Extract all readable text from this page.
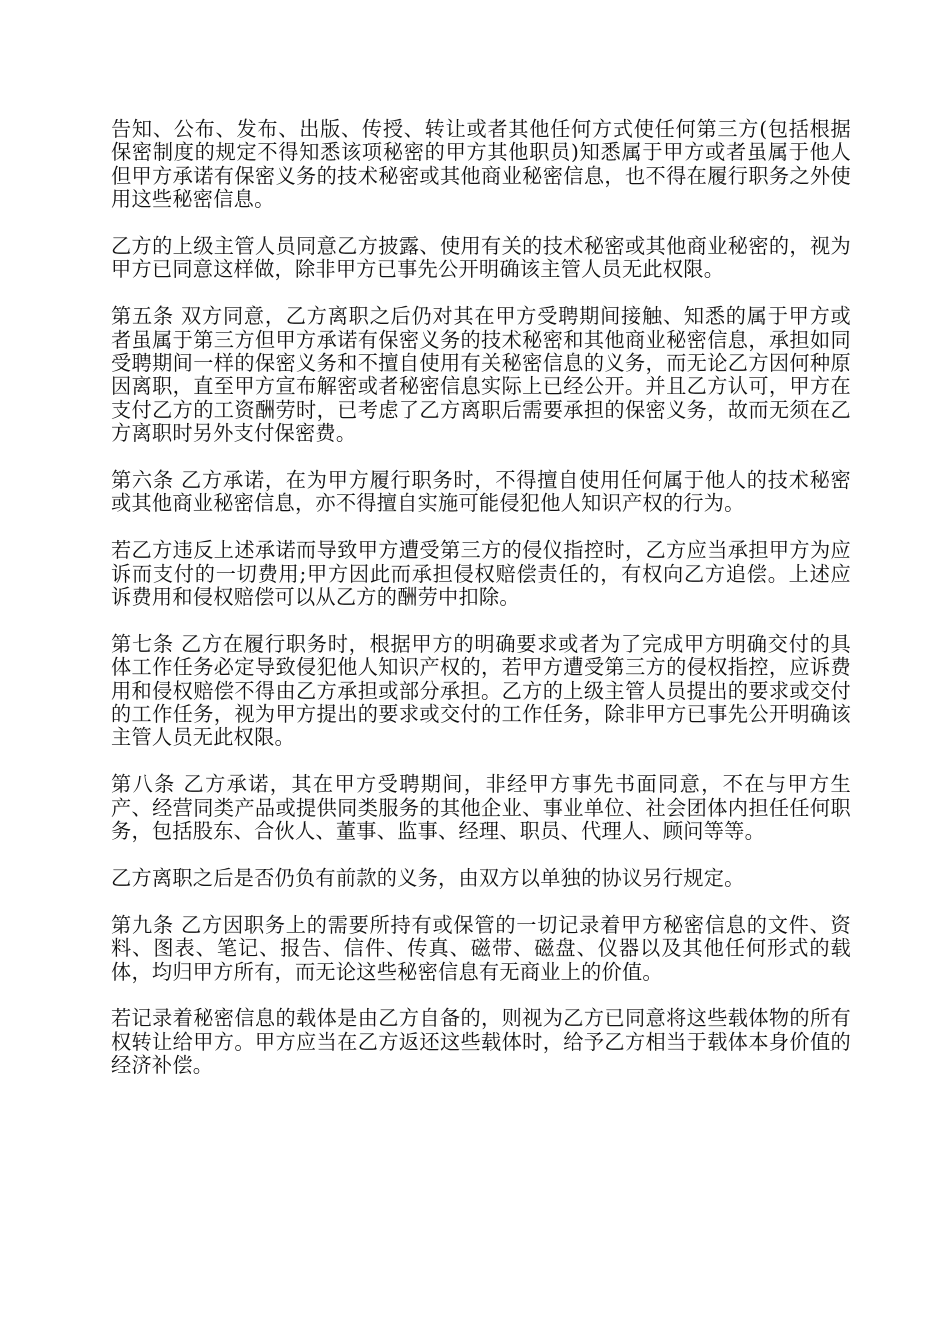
告知、公布、发布、出版、传授、转让或者其他任何方式使任何第三方(包括根据保密制度的规定不得知悉该项秘密的甲方其他职员)知悉属于甲方或者虽属于他人但甲方承诺有保密义务的技术秘密或其他商业秘密信息，也不得在履行职务之外使用这些秘密信息。

乙方的上级主管人员同意乙方披露、使用有关的技术秘密或其他商业秘密的，视为甲方已同意这样做，除非甲方已事先公开明确该主管人员无此权限。

第五条 双方同意，乙方离职之后仍对其在甲方受聘期间接触、知悉的属于甲方或者虽属于第三方但甲方承诺有保密义务的技术秘密和其他商业秘密信息，承担如同受聘期间一样的保密义务和不擅自使用有关秘密信息的义务，而无论乙方因何种原因离职，直至甲方宣布解密或者秘密信息实际上已经公开。并且乙方认可，甲方在支付乙方的工资酬劳时，已考虑了乙方离职后需要承担的保密义务，故而无须在乙方离职时另外支付保密费。

第六条 乙方承诺，在为甲方履行职务时，不得擅自使用任何属于他人的技术秘密或其他商业秘密信息，亦不得擅自实施可能侵犯他人知识产权的行为。

若乙方违反上述承诺而导致甲方遭受第三方的侵仪指控时，乙方应当承担甲方为应诉而支付的一切费用;甲方因此而承担侵权赔偿责任的，有权向乙方追偿。上述应诉费用和侵权赔偿可以从乙方的酬劳中扣除。

第七条 乙方在履行职务时，根据甲方的明确要求或者为了完成甲方明确交付的具体工作任务必定导致侵犯他人知识产权的，若甲方遭受第三方的侵权指控，应诉费用和侵权赔偿不得由乙方承担或部分承担。乙方的上级主管人员提出的要求或交付的工作任务，视为甲方提出的要求或交付的工作任务，除非甲方已事先公开明确该主管人员无此权限。

第八条 乙方承诺，其在甲方受聘期间，非经甲方事先书面同意，不在与甲方生产、经营同类产品或提供同类服务的其他企业、事业单位、社会团体内担任任何职务，包括股东、合伙人、董事、监事、经理、职员、代理人、顾问等等。

乙方离职之后是否仍负有前款的义务，由双方以单独的协议另行规定。

第九条 乙方因职务上的需要所持有或保管的一切记录着甲方秘密信息的文件、资料、图表、笔记、报告、信件、传真、磁带、磁盘、仪器以及其他任何形式的载体，均归甲方所有，而无论这些秘密信息有无商业上的价值。

若记录着秘密信息的载体是由乙方自备的，则视为乙方已同意将这些载体物的所有权转让给甲方。甲方应当在乙方返还这些载体时，给予乙方相当于载体本身价值的经济补偿。
